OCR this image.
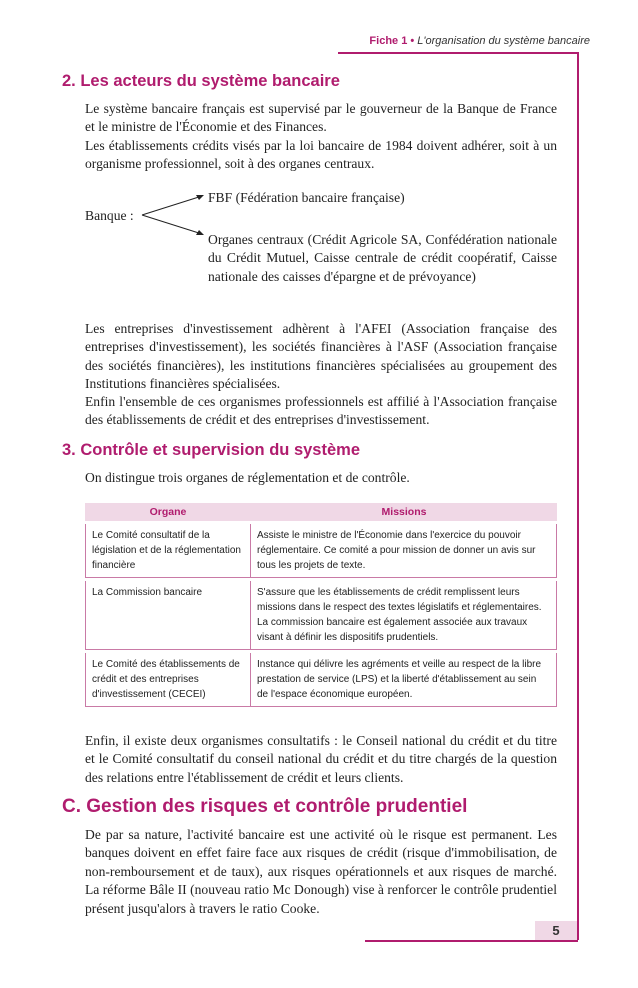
Fiche 1 • L'organisation du système bancaire
2. Les acteurs du système bancaire

Le système bancaire français est supervisé par le gouverneur de la Banque de France et le ministre de l'Économie et des Finances.

Les établissements crédits visés par la loi bancaire de 1984 doivent adhérer, soit à un organisme professionnel, soit à des organes centraux.

Banque :
FBF (Fédération bancaire française)

Organes centraux (Crédit Agricole SA, Confédération nationale du Crédit Mutuel, Caisse centrale de crédit coopératif, Caisse nationale des caisses d'épargne et de prévoyance)

Les entreprises d'investissement adhèrent à l'AFEI (Association française des entreprises d'investissement), les sociétés financières à l'ASF (Association française des sociétés financières), les institutions financières spécialisées au groupement des Institutions financières spécialisées.

Enfin l'ensemble de ces organismes professionnels est affilié à l'Association française des établissements de crédit et des entreprises d'investissement.

3. Contrôle et supervision du système

On distingue trois organes de réglementation et de contrôle.

Organe	Missions
Le Comité consultatif de la législation et de la réglementation financière	Assiste le ministre de l'Économie dans l'exercice du pouvoir réglementaire. Ce comité a pour mission de donner un avis sur tous les projets de texte.
La Commission bancaire	S'assure que les établissements de crédit remplissent leurs missions dans le respect des textes législatifs et réglementaires. La commission bancaire est également associée aux travaux visant à définir les dispositifs prudentiels.
Le Comité des établissements de crédit et des entreprises d'investissement (CECEI)	Instance qui délivre les agréments et veille au respect de la libre prestation de service (LPS) et la liberté d'établissement au sein de l'espace économique européen.

Enfin, il existe deux organismes consultatifs : le Conseil national du crédit et du titre et le Comité consultatif du conseil national du crédit et du titre chargés de la question des relations entre l'établissement de crédit et leurs clients.

C. Gestion des risques et contrôle prudentiel

De par sa nature, l'activité bancaire est une activité où le risque est permanent. Les banques doivent en effet faire face aux risques de crédit (risque d'immobilisation, de non-remboursement et de taux), aux risques opérationnels et aux risques de marché. La réforme Bâle II (nouveau ratio Mc Donough) vise à renforcer le contrôle prudentiel présent jusqu'alors à travers le ratio Cooke.

5
